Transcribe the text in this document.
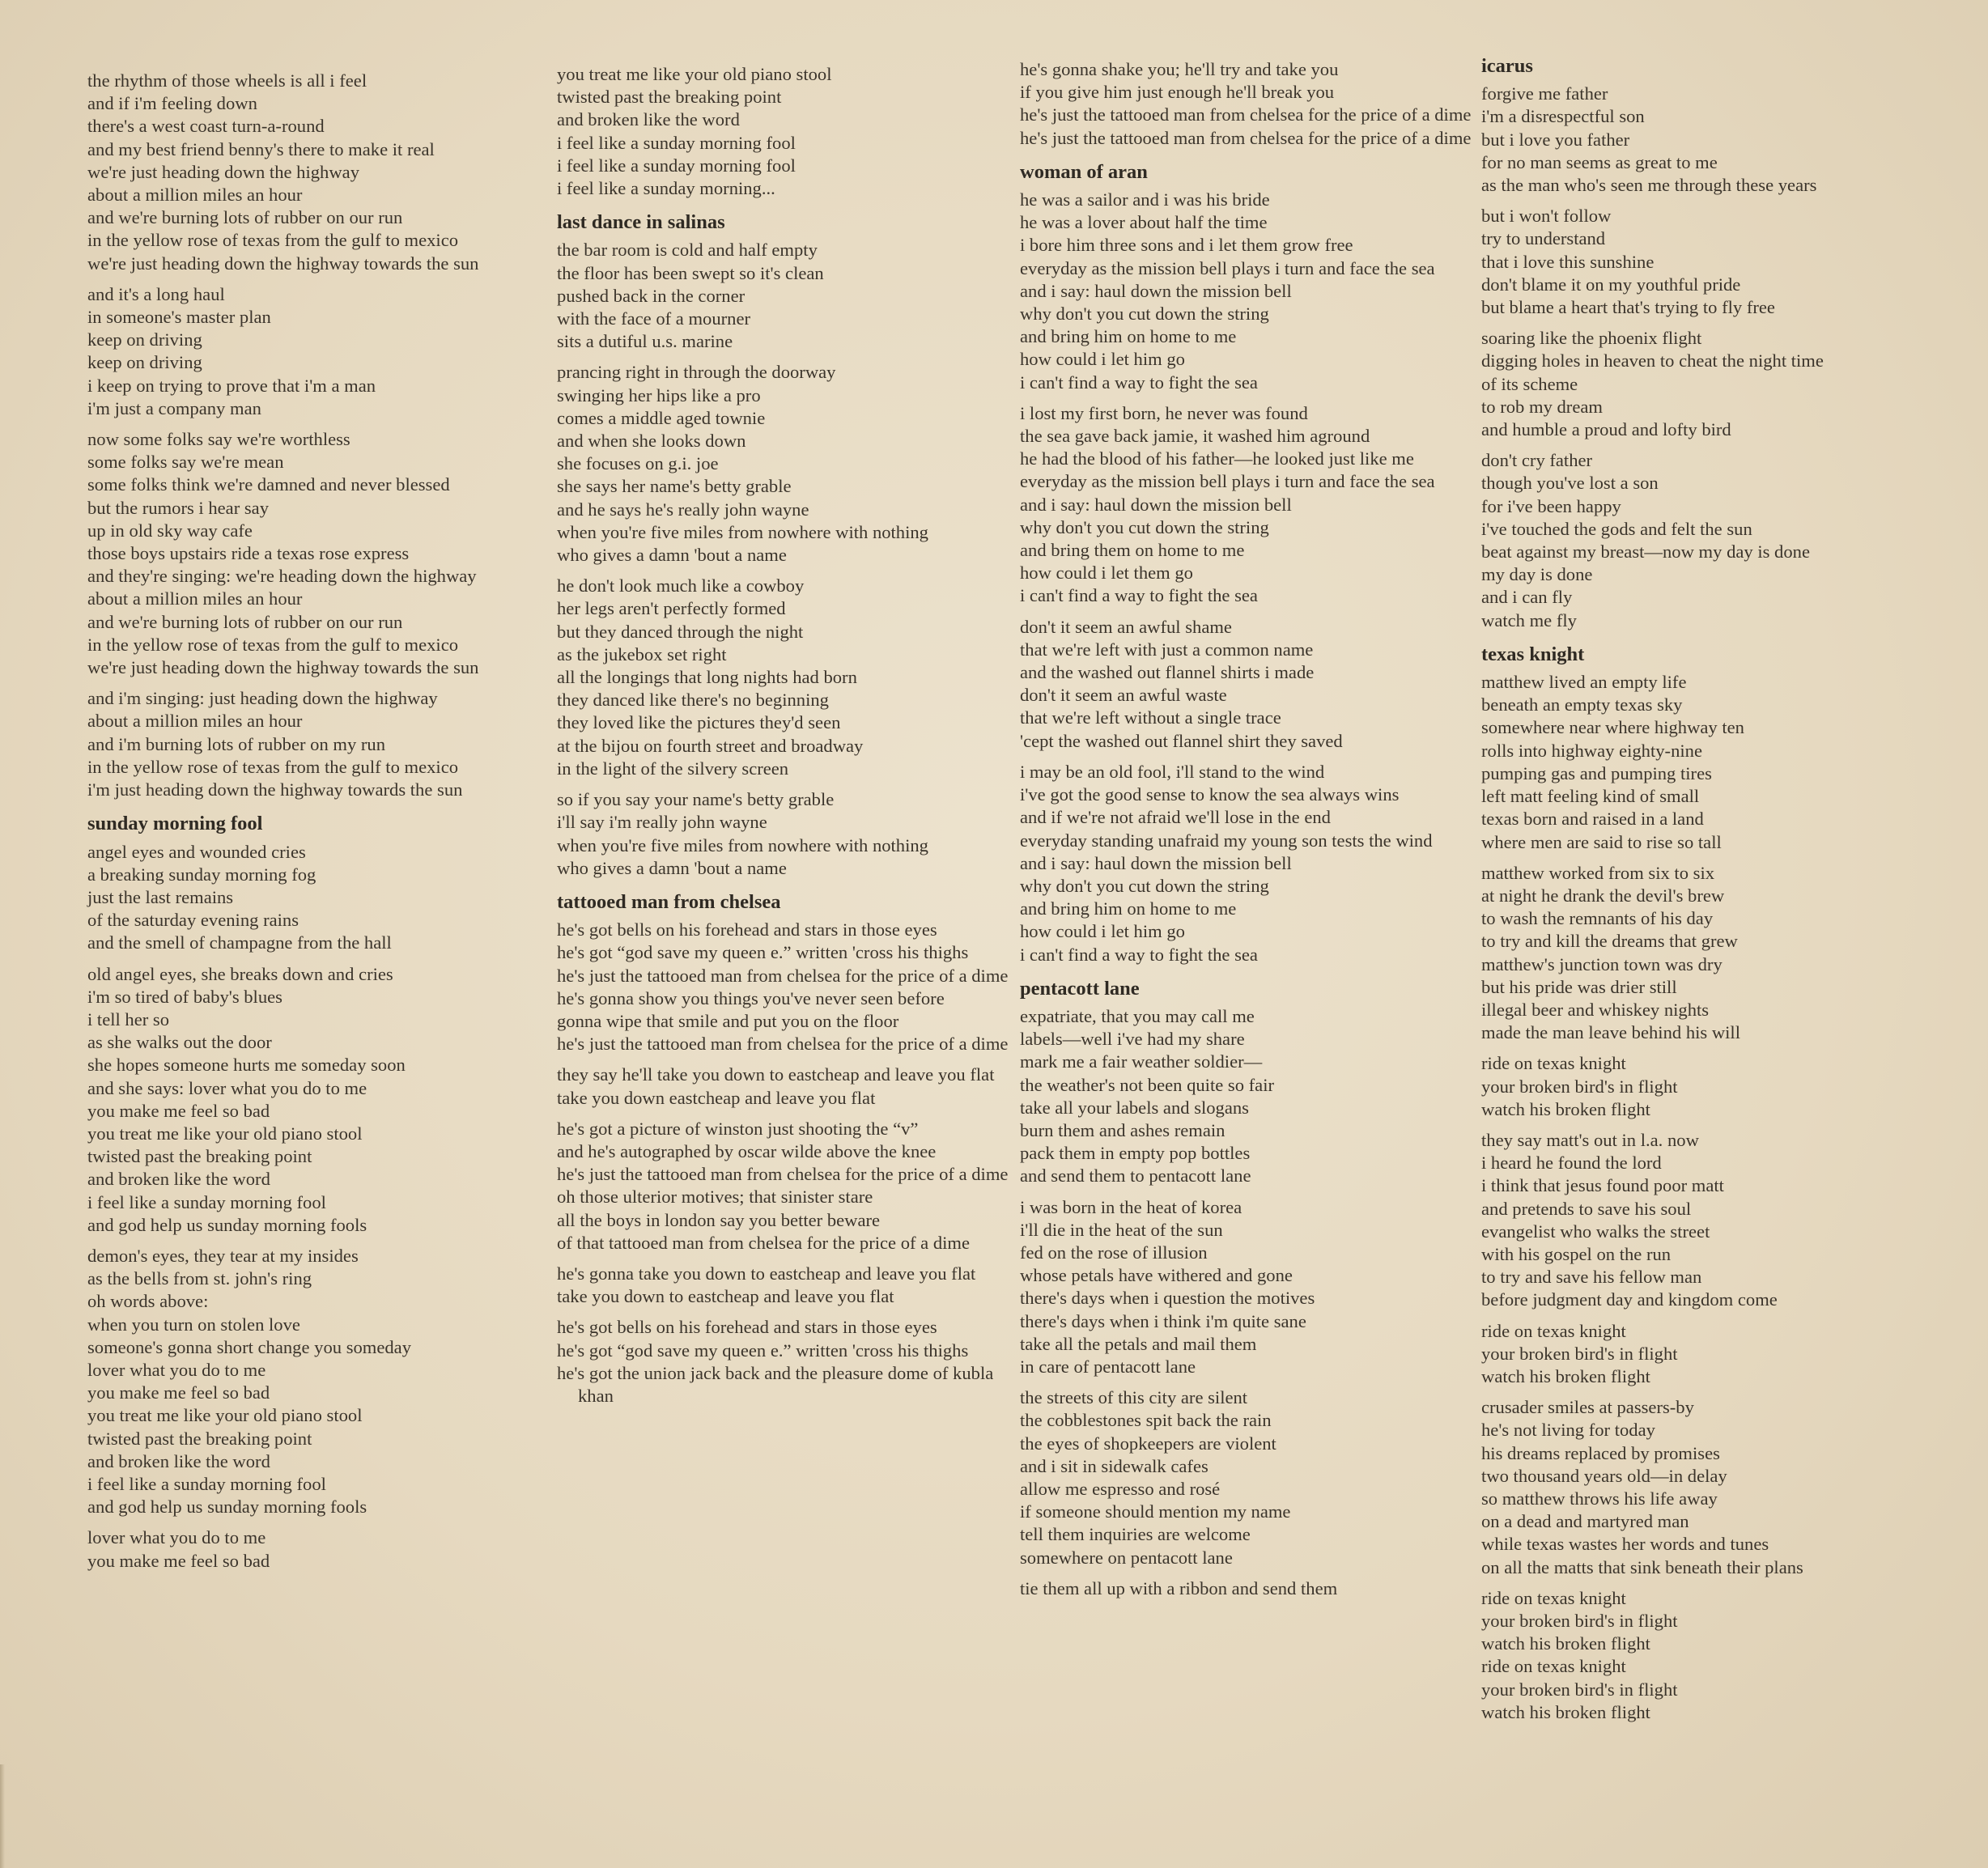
the rhythm of those wheels is all i feel
and if i'm feeling down
there's a west coast turn-a-round
and my best friend benny's there to make it real
we're just heading down the highway
about a million miles an hour
and we're burning lots of rubber on our run
in the yellow rose of texas from the gulf to mexico
we're just heading down the highway towards the sun
and it's a long haul
in someone's master plan
keep on driving
keep on driving
i keep on trying to prove that i'm a man
i'm just a company man
now some folks say we're worthless
some folks say we're mean
some folks think we're damned and never blessed
but the rumors i hear say
up in old sky way cafe
those boys upstairs ride a texas rose express
and they're singing: we're heading down the highway
about a million miles an hour
and we're burning lots of rubber on our run
in the yellow rose of texas from the gulf to mexico
we're just heading down the highway towards the sun
and i'm singing: just heading down the highway
about a million miles an hour
and i'm burning lots of rubber on my run
in the yellow rose of texas from the gulf to mexico
i'm just heading down the highway towards the sun
sunday morning fool
angel eyes and wounded cries
a breaking sunday morning fog
just the last remains
of the saturday evening rains
and the smell of champagne from the hall
old angel eyes, she breaks down and cries
i'm so tired of baby's blues
i tell her so
as she walks out the door
she hopes someone hurts me someday soon
and she says: lover what you do to me
you make me feel so bad
you treat me like your old piano stool
twisted past the breaking point
and broken like the word
i feel like a sunday morning fool
and god help us sunday morning fools
demon's eyes, they tear at my insides
as the bells from st. john's ring
oh words above:
when you turn on stolen love
someone's gonna short change you someday
lover what you do to me
you make me feel so bad
you treat me like your old piano stool
twisted past the breaking point
and broken like the word
i feel like a sunday morning fool
and god help us sunday morning fools
lover what you do to me
you make me feel so bad
you treat me like your old piano stool
twisted past the breaking point
and broken like the word
i feel like a sunday morning fool
i feel like a sunday morning fool
i feel like a sunday morning...
last dance in salinas
the bar room is cold and half empty
the floor has been swept so it's clean
pushed back in the corner
with the face of a mourner
sits a dutiful u.s. marine
prancing right in through the doorway
swinging her hips like a pro
comes a middle aged townie
and when she looks down
she focuses on g.i. joe
she says her name's betty grable
and he says he's really john wayne
when you're five miles from nowhere with nothing
who gives a damn 'bout a name
he don't look much like a cowboy
her legs aren't perfectly formed
but they danced through the night
as the jukebox set right
all the longings that long nights had born
they danced like there's no beginning
they loved like the pictures they'd seen
at the bijou on fourth street and broadway
in the light of the silvery screen
so if you say your name's betty grable
i'll say i'm really john wayne
when you're five miles from nowhere with nothing
who gives a damn 'bout a name
tattooed man from chelsea
he's got bells on his forehead and stars in those eyes
he's got “god save my queen e.” written 'cross his thighs
he's just the tattooed man from chelsea for the price of a dime
he's gonna show you things you've never seen before
gonna wipe that smile and put you on the floor
he's just the tattooed man from chelsea for the price of a dime
they say he'll take you down to eastcheap and leave you flat
take you down eastcheap and leave you flat
he's got a picture of winston just shooting the “v”
and he's autographed by oscar wilde above the knee
he's just the tattooed man from chelsea for the price of a dime
oh those ulterior motives; that sinister stare
all the boys in london say you better beware
of that tattooed man from chelsea for the price of a dime
he's gonna take you down to eastcheap and leave you flat
take you down to eastcheap and leave you flat
he's got bells on his forehead and stars in those eyes
he's got “god save my queen e.” written 'cross his thighs
he's got the union jack back and the pleasure dome of kubla khan
he's gonna shake you; he'll try and take you
if you give him just enough he'll break you
he's just the tattooed man from chelsea for the price of a dime
he's just the tattooed man from chelsea for the price of a dime
woman of aran
he was a sailor and i was his bride
he was a lover about half the time
i bore him three sons and i let them grow free
everyday as the mission bell plays i turn and face the sea
and i say: haul down the mission bell
why don't you cut down the string
and bring him on home to me
how could i let him go
i can't find a way to fight the sea
i lost my first born, he never was found
the sea gave back jamie, it washed him aground
he had the blood of his father—he looked just like me
everyday as the mission bell plays i turn and face the sea
and i say: haul down the mission bell
why don't you cut down the string
and bring them on home to me
how could i let them go
i can't find a way to fight the sea
don't it seem an awful shame
that we're left with just a common name
and the washed out flannel shirts i made
don't it seem an awful waste
that we're left without a single trace
'cept the washed out flannel shirt they saved
i may be an old fool, i'll stand to the wind
i've got the good sense to know the sea always wins
and if we're not afraid we'll lose in the end
everyday standing unafraid my young son tests the wind
and i say: haul down the mission bell
why don't you cut down the string
and bring him on home to me
how could i let him go
i can't find a way to fight the sea
pentacott lane
expatriate, that you may call me
labels—well i've had my share
mark me a fair weather soldier—
the weather's not been quite so fair
take all your labels and slogans
burn them and ashes remain
pack them in empty pop bottles
and send them to pentacott lane
i was born in the heat of korea
i'll die in the heat of the sun
fed on the rose of illusion
whose petals have withered and gone
there's days when i question the motives
there's days when i think i'm quite sane
take all the petals and mail them
in care of pentacott lane
the streets of this city are silent
the cobblestones spit back the rain
the eyes of shopkeepers are violent
and i sit in sidewalk cafes
allow me espresso and rosé
if someone should mention my name
tell them inquiries are welcome
somewhere on pentacott lane
tie them all up with a ribbon and send them
icarus
forgive me father
i'm a disrespectful son
but i love you father
for no man seems as great to me
as the man who's seen me through these years
but i won't follow
try to understand
that i love this sunshine
don't blame it on my youthful pride
but blame a heart that's trying to fly free
soaring like the phoenix flight
digging holes in heaven to cheat the night time
of its scheme
to rob my dream
and humble a proud and lofty bird
don't cry father
though you've lost a son
for i've been happy
i've touched the gods and felt the sun
beat against my breast—now my day is done
my day is done
and i can fly
watch me fly
texas knight
matthew lived an empty life
beneath an empty texas sky
somewhere near where highway ten
rolls into highway eighty-nine
pumping gas and pumping tires
left matt feeling kind of small
texas born and raised in a land
where men are said to rise so tall
matthew worked from six to six
at night he drank the devil's brew
to wash the remnants of his day
to try and kill the dreams that grew
matthew's junction town was dry
but his pride was drier still
illegal beer and whiskey nights
made the man leave behind his will
ride on texas knight
your broken bird's in flight
watch his broken flight
they say matt's out in l.a. now
i heard he found the lord
i think that jesus found poor matt
and pretends to save his soul
evangelist who walks the street
with his gospel on the run
to try and save his fellow man
before judgment day and kingdom come
ride on texas knight
your broken bird's in flight
watch his broken flight
crusader smiles at passers-by
he's not living for today
his dreams replaced by promises
two thousand years old—in delay
so matthew throws his life away
on a dead and martyred man
while texas wastes her words and tunes
on all the matts that sink beneath their plans
ride on texas knight
your broken bird's in flight
watch his broken flight
ride on texas knight
your broken bird's in flight
watch his broken flight
